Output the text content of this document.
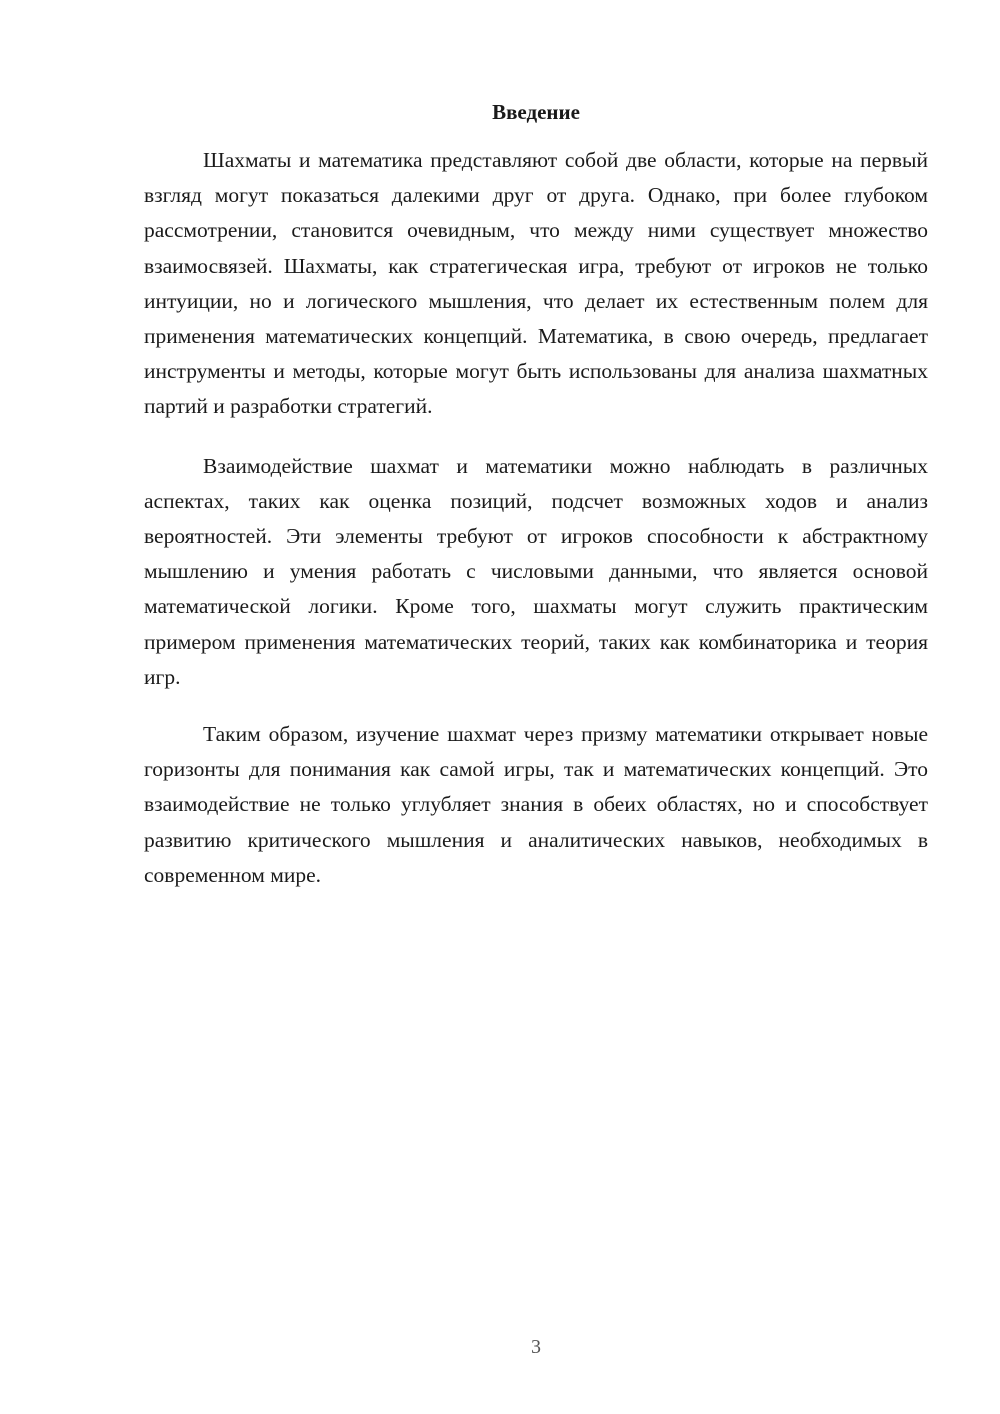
Введение

Шахматы и математика представляют собой две области, которые на первый взгляд могут показаться далекими друг от друга. Однако, при более глубоком рассмотрении, становится очевидным, что между ними существует множество взаимосвязей. Шахматы, как стратегическая игра, требуют от игроков не только интуиции, но и логического мышления, что делает их естественным полем для применения математических концепций. Математика, в свою очередь, предлагает инструменты и методы, которые могут быть использованы для анализа шахматных партий и разработки стратегий.

Взаимодействие шахмат и математики можно наблюдать в различных аспектах, таких как оценка позиций, подсчет возможных ходов и анализ вероятностей. Эти элементы требуют от игроков способности к абстрактному мышлению и умения работать с числовыми данными, что является основой математической логики. Кроме того, шахматы могут служить практическим примером применения математических теорий, таких как комбинаторика и теория игр.

Таким образом, изучение шахмат через призму математики открывает новые горизонты для понимания как самой игры, так и математических концепций. Это взаимодействие не только углубляет знания в обеих областях, но и способствует развитию критического мышления и аналитических навыков, необходимых в современном мире.

3
